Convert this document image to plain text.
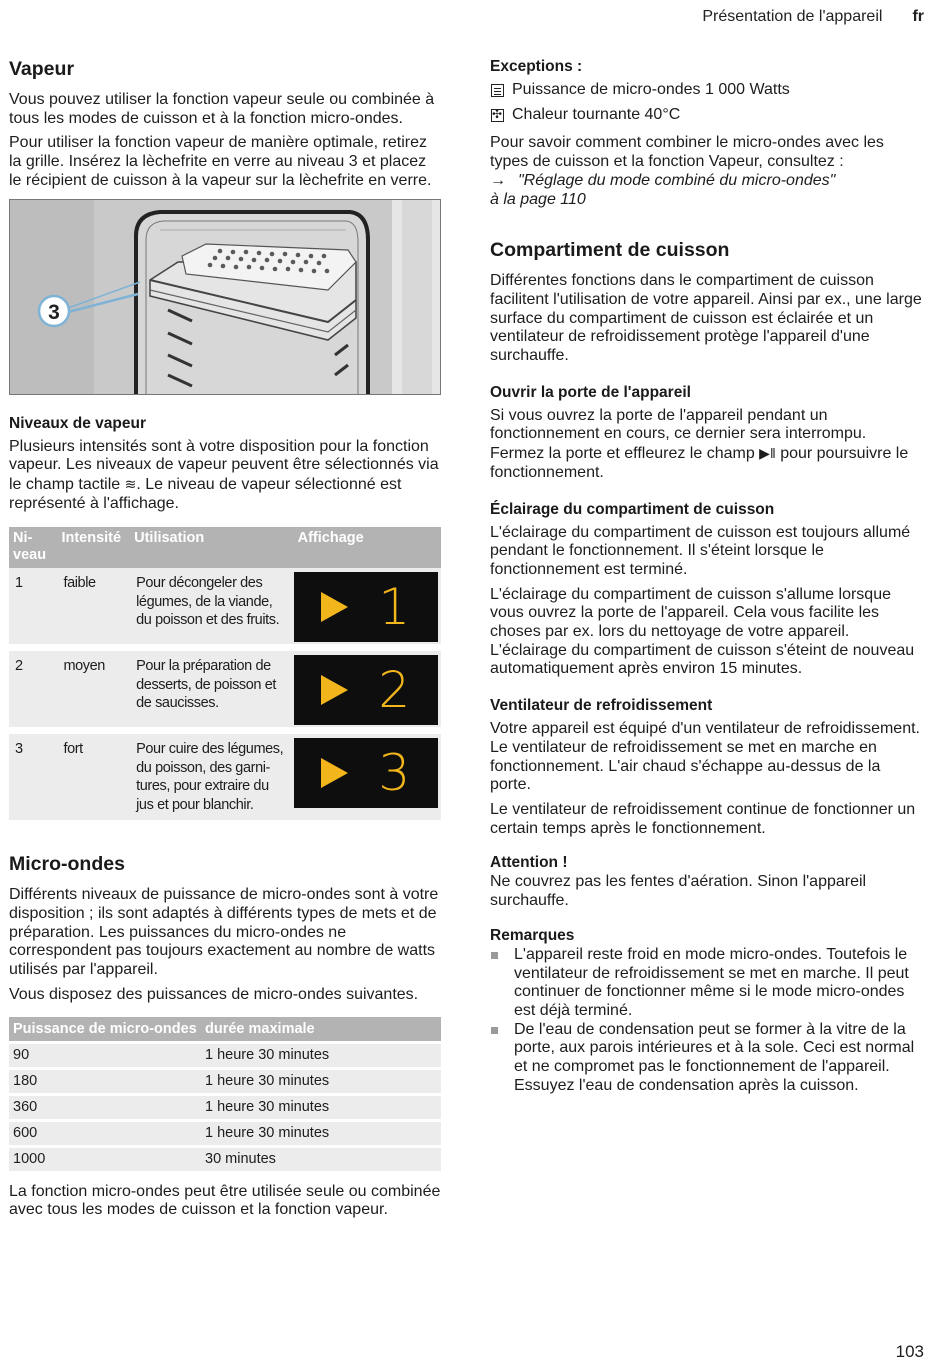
Présentation de l'appareil fr
Vapeur

Vous pouvez utiliser la fonction vapeur seule ou combinée à tous les modes de cuisson et à la fonction micro-ondes.

Pour utiliser la fonction vapeur de manière optimale, retirez la grille. Insérez la lèchefrite en verre au niveau 3 et placez le récipient de cuisson à la vapeur sur la lèchefrite en verre.

3
Niveaux de vapeur

Plusieurs intensités sont à votre disposition pour la fonction vapeur. Les niveaux de vapeur peuvent être sélectionnés via le champ tactile ≋. Le niveau de vapeur sélectionné est représenté à l'affichage.

Ni-
veau	Intensité	Utilisation	Affichage
1	faible	Pour décongeler des légumes, de la viande, du poisson et des fruits.	1

2	moyen	Pour la préparation de desserts, de poisson et de saucisses.	2

3	fort	Pour cuire des légumes, du poisson, des garni-tures, pour extraire du jus et pour blanchir.	3
Micro-ondes

Différents niveaux de puissance de micro-ondes sont à votre disposition ; ils sont adaptés à différents types de mets et de préparation. Les puissances du micro-ondes ne correspondent pas toujours exactement au nombre de watts utilisés par l'appareil.

Vous disposez des puissances de micro-ondes suivantes.

Puissance de micro-ondes	durée maximale
90	1 heure 30 minutes
180	1 heure 30 minutes
360	1 heure 30 minutes
600	1 heure 30 minutes
1000	30 minutes

La fonction micro-ondes peut être utilisée seule ou combinée avec tous les modes de cuisson et la fonction vapeur.

Exceptions :
Puissance de micro-ondes 1 000 Watts
✣
Chaleur tournante 40°C

Pour savoir comment combiner le micro-ondes avec les types de cuisson et la fonction Vapeur, consultez :

→ "Réglage du mode combiné du micro-ondes"
à la page 110
Compartiment de cuisson

Différentes fonctions dans le compartiment de cuisson facilitent l'utilisation de votre appareil. Ainsi par ex., une large surface du compartiment de cuisson est éclairée et un ventilateur de refroidissement protège l'appareil d'une surchauffe.

Ouvrir la porte de l'appareil

Si vous ouvrez la porte de l'appareil pendant un fonctionnement en cours, ce dernier sera interrompu. Fermez la porte et effleurez le champ ▶ǁ pour poursuivre le fonctionnement.

Éclairage du compartiment de cuisson

L'éclairage du compartiment de cuisson est toujours allumé pendant le fonctionnement. Il s'éteint lorsque le fonctionnement est terminé.

L'éclairage du compartiment de cuisson s'allume lorsque vous ouvrez la porte de l'appareil. Cela vous facilite les choses par ex. lors du nettoyage de votre appareil. L'éclairage du compartiment de cuisson s'éteint de nouveau automatiquement après environ 15 minutes.

Ventilateur de refroidissement

Votre appareil est équipé d'un ventilateur de refroidissement. Le ventilateur de refroidissement se met en marche en fonctionnement. L'air chaud s'échappe au-dessus de la porte.

Le ventilateur de refroidissement continue de fonctionner un certain temps après le fonctionnement.

Attention !

Ne couvrez pas les fentes d'aération. Sinon l'appareil surchauffe.

Remarques
L'appareil reste froid en mode micro-ondes. Toutefois le ventilateur de refroidissement se met en marche. Il peut continuer de fonctionner même si le mode micro-ondes est déjà terminé.
De l'eau de condensation peut se former à la vitre de la porte, aux parois intérieures et à la sole. Ceci est normal et ne compromet pas le fonctionnement de l'appareil. Essuyez l'eau de condensation après la cuisson.
103
